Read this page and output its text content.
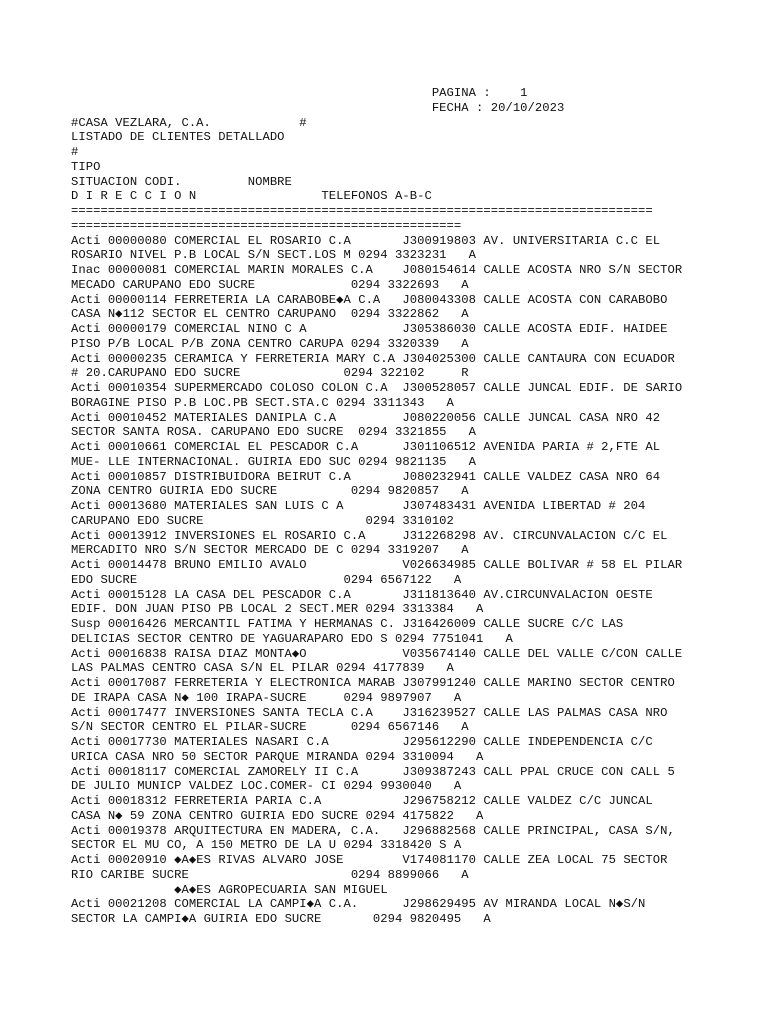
PAGINA :    1
FECHA : 20/10/2023
#CASA VEZLARA, C.A.            #
LISTADO DE CLIENTES DETALLADO
#
TIPO
SITUACION CODI.         NOMBRE
D I R E C C I O N                 TELEFONOS A-B-C
===============================================================================
=====================================================
Acti 00000080 COMERCIAL EL ROSARIO C.A       J300919803 AV. UNIVERSITARIA C.C EL
ROSARIO NIVEL P.B LOCAL S/N SECT.LOS M 0294 3323231   A
Inac 00000081 COMERCIAL MARIN MORALES C.A    J080154614 CALLE ACOSTA NRO S/N SECTOR
MECADO CARUPANO EDO SUCRE             0294 3322693   A
Acti 00000114 FERRETERIA LA CARABOBE◆A C.A   J080043308 CALLE ACOSTA CON CARABOBO
CASA N◆112 SECTOR EL CENTRO CARUPANO  0294 3322862   A
Acti 00000179 COMERCIAL NINO C A             J305386030 CALLE ACOSTA EDIF. HAIDEE
PISO P/B LOCAL P/B ZONA CENTRO CARUPA 0294 3320339   A
Acti 00000235 CERAMICA Y FERRETERIA MARY C.A J304025300 CALLE CANTAURA CON ECUADOR
# 20.CARUPANO EDO SUCRE              0294 322102     R
Acti 00010354 SUPERMERCADO COLOSO COLON C.A  J300528057 CALLE JUNCAL EDIF. DE SARIO
BORAGINE PISO P.B LOC.PB SECT.STA.C 0294 3311343   A
Acti 00010452 MATERIALES DANIPLA C.A         J080220056 CALLE JUNCAL CASA NRO 42
SECTOR SANTA ROSA. CARUPANO EDO SUCRE  0294 3321855   A
Acti 00010661 COMERCIAL EL PESCADOR C.A      J301106512 AVENIDA PARIA # 2,FTE AL
MUE- LLE INTERNACIONAL. GUIRIA EDO SUC 0294 9821135   A
Acti 00010857 DISTRIBUIDORA BEIRUT C.A       J080232941 CALLE VALDEZ CASA NRO 64
ZONA CENTRO GUIRIA EDO SUCRE          0294 9820857   A
Acti 00013680 MATERIALES SAN LUIS C A        J307483431 AVENIDA LIBERTAD # 204
CARUPANO EDO SUCRE                      0294 3310102
Acti 00013912 INVERSIONES EL ROSARIO C.A     J312268298 AV. CIRCUNVALACION C/C EL
MERCADITO NRO S/N SECTOR MERCADO DE C 0294 3319207   A
Acti 00014478 BRUNO EMILIO AVALO             V026634985 CALLE BOLIVAR # 58 EL PILAR
EDO SUCRE                            0294 6567122   A
Acti 00015128 LA CASA DEL PESCADOR C.A       J311813640 AV.CIRCUNVALACION OESTE
EDIF. DON JUAN PISO PB LOCAL 2 SECT.MER 0294 3313384   A
Susp 00016426 MERCANTIL FATIMA Y HERMANAS C. J316426009 CALLE SUCRE C/C LAS
DELICIAS SECTOR CENTRO DE YAGUARAPARO EDO S 0294 7751041   A
Acti 00016838 RAISA DIAZ MONTA◆O             V035674140 CALLE DEL VALLE C/CON CALLE
LAS PALMAS CENTRO CASA S/N EL PILAR 0294 4177839   A
Acti 00017087 FERRETERIA Y ELECTRONICA MARAB J307991240 CALLE MARINO SECTOR CENTRO
DE IRAPA CASA N◆ 100 IRAPA-SUCRE     0294 9897907   A
Acti 00017477 INVERSIONES SANTA TECLA C.A    J316239527 CALLE LAS PALMAS CASA NRO
S/N SECTOR CENTRO EL PILAR-SUCRE      0294 6567146   A
Acti 00017730 MATERIALES NASARI C.A          J295612290 CALLE INDEPENDENCIA C/C
URICA CASA NRO 50 SECTOR PARQUE MIRANDA 0294 3310094   A
Acti 00018117 COMERCIAL ZAMORELY II C.A      J309387243 CALL PPAL CRUCE CON CALL 5
DE JULIO MUNICP VALDEZ LOC.COMER- CI 0294 9930040   A
Acti 00018312 FERRETERIA PARIA C.A           J296758212 CALLE VALDEZ C/C JUNCAL
CASA N◆ 59 ZONA CENTRO GUIRIA EDO SUCRE 0294 4175822   A
Acti 00019378 ARQUITECTURA EN MADERA, C.A.   J296882568 CALLE PRINCIPAL, CASA S/N,
SECTOR EL MU CO, A 150 METRO DE LA U 0294 3318420 S A
Acti 00020910 ◆A◆ES RIVAS ALVARO JOSE        V174081170 CALLE ZEA LOCAL 75 SECTOR
RIO CARIBE SUCRE                      0294 8899066   A
◆A◆ES AGROPECUARIA SAN MIGUEL
Acti 00021208 COMERCIAL LA CAMPI◆A C.A.      J298629495 AV MIRANDA LOCAL N◆S/N
SECTOR LA CAMPI◆A GUIRIA EDO SUCRE       0294 9820495   A
